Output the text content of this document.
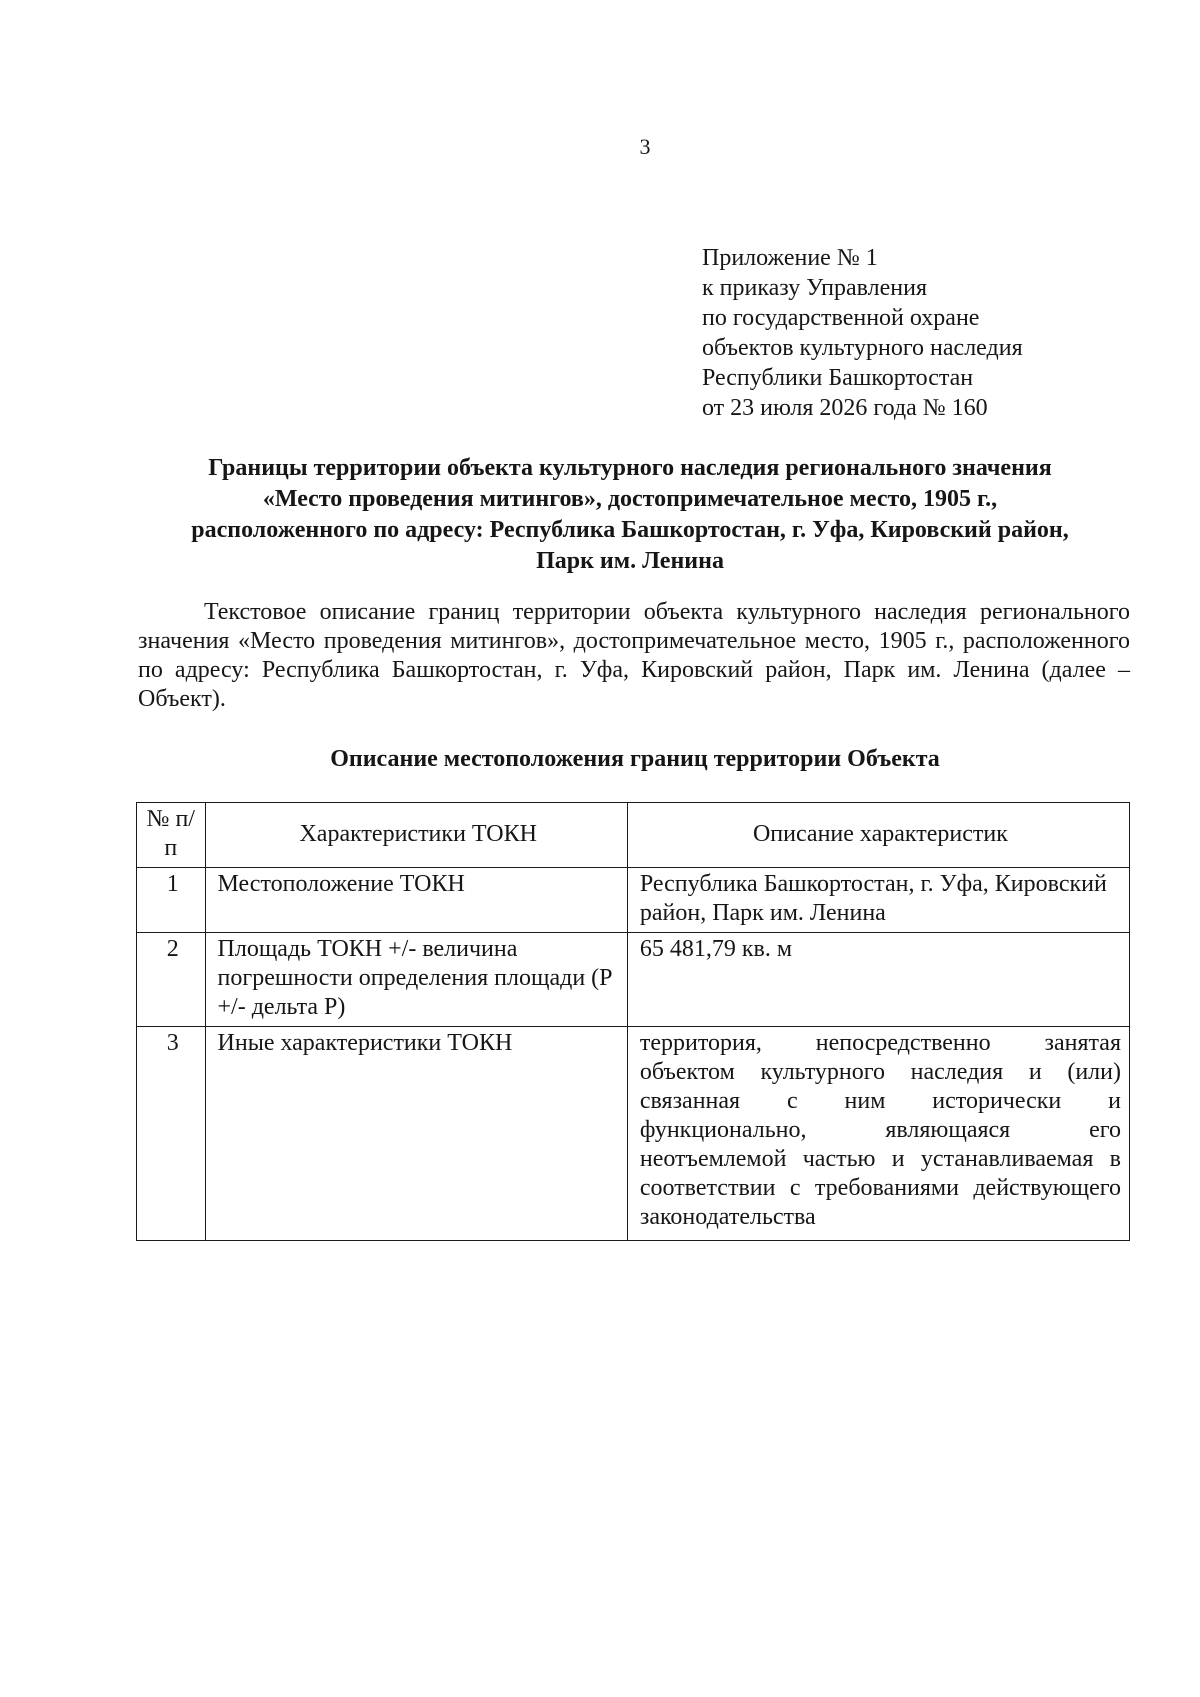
3
Приложение № 1
к приказу Управления
по государственной охране
объектов культурного наследия
Республики Башкортостан
от 23 июля 2026 года № 160
Границы территории объекта культурного наследия регионального значения
«Место проведения митингов», достопримечательное место, 1905 г.,
расположенного по адресу: Республика Башкортостан, г. Уфа, Кировский район,
Парк им. Ленина
Текстовое описание границ территории объекта культурного наследия регионального значения «Место проведения митингов», достопримечательное место, 1905 г., расположенного по адресу: Республика Башкортостан, г. Уфа, Кировский район, Парк им. Ленина (далее – Объект).
Описание местоположения границ территории Объекта
№ п/п	Характеристики ТОКН	Описание характеристик
1	Местоположение ТОКН	Республика Башкортостан, г. Уфа, Кировский район, Парк им. Ленина
2	Площадь ТОКН +/- величина погрешности определения площади (P +/- дельта P)	65 481,79 кв. м
3	Иные характеристики ТОКН	территория, непосредственно занятая объектом культурного наследия и (или) связанная с ним исторически и функционально, являющаяся его неотъемлемой частью и устанавливаемая в соответствии с требованиями действующего законодательства
